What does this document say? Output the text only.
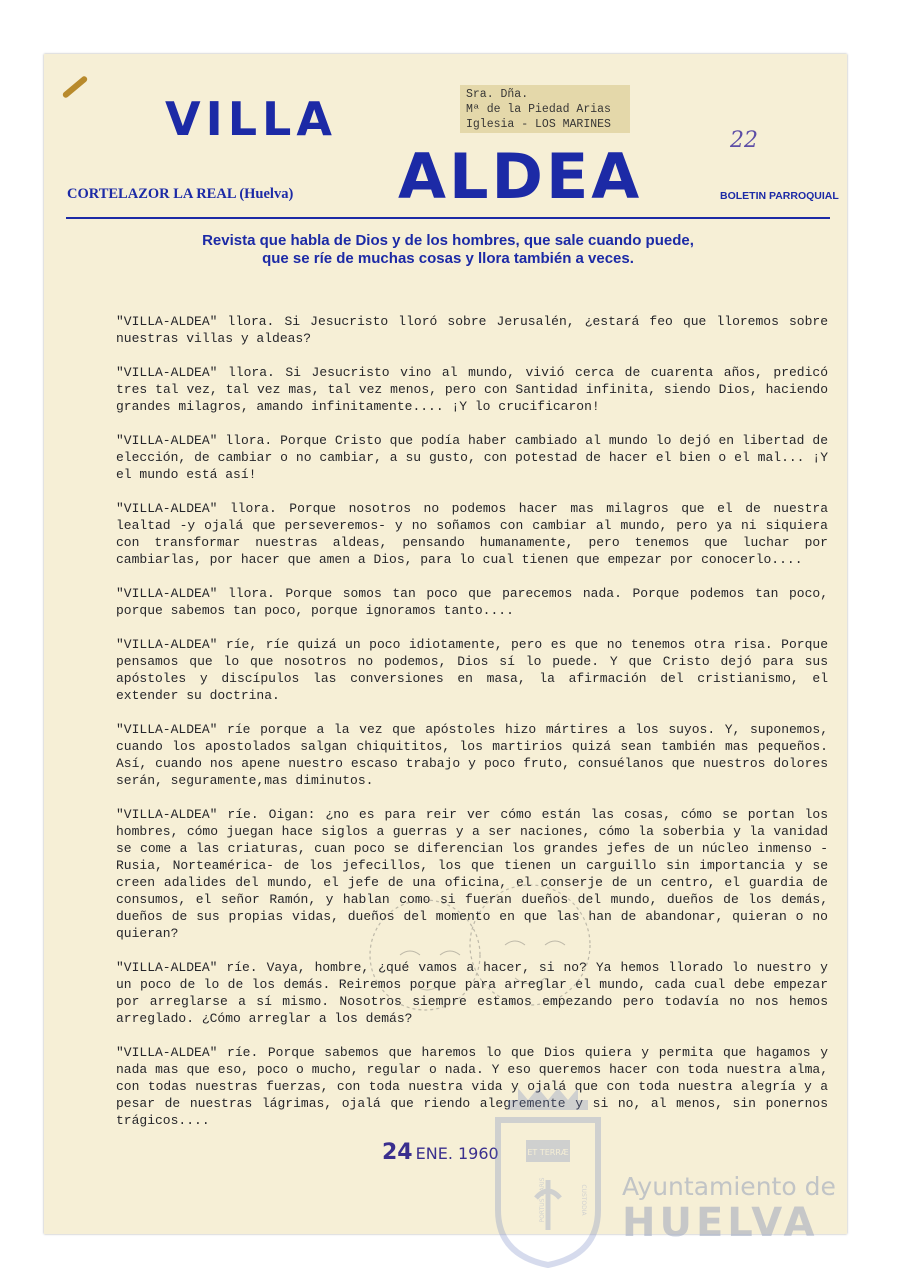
VILLA
ALDEA
Sra. Dña.
Mª de la Piedad Arias
Iglesia - LOS MARINES
22
CORTELAZOR LA REAL (Huelva)	BOLETIN PARROQUIAL
Revista que habla de Dios y de los hombres, que sale cuando puede,
que se ríe de muchas cosas y llora también a veces.

"VILLA-ALDEA" llora. Si Jesucristo lloró sobre Jerusalén, ¿estará feo que lloremos sobre nuestras villas y aldeas?

"VILLA-ALDEA" llora. Si Jesucristo vino al mundo, vivió cerca de cuarenta años, predicó tres tal vez, tal vez mas, tal vez menos, pero con Santidad infinita, siendo Dios, haciendo grandes milagros, amando infinitamente.... ¡Y lo crucificaron!

"VILLA-ALDEA" llora. Porque Cristo que podía haber cambiado al mundo lo dejó en libertad de elección, de cambiar o no cambiar, a su gusto, con potestad de hacer el bien o el mal... ¡Y el mundo está así!

"VILLA-ALDEA" llora. Porque nosotros no podemos hacer mas milagros que el de nuestra lealtad -y ojalá que perseveremos- y no soñamos con cambiar al mundo, pero ya ni siquiera con transformar nuestras aldeas, pensando humanamente, pero tenemos que luchar por cambiarlas, por hacer que amen a Dios, para lo cual tienen que empezar por conocerlo....

"VILLA-ALDEA" llora. Porque somos tan poco que parecemos nada. Porque podemos tan poco, porque sabemos tan poco, porque ignoramos tanto....

"VILLA-ALDEA" ríe, ríe quizá un poco idiotamente, pero es que no tenemos otra risa. Porque pensamos que lo que nosotros no podemos, Dios sí lo puede. Y que Cristo dejó para sus apóstoles y discípulos las conversiones en masa, la afirmación del cristianismo, el extender su doctrina.

"VILLA-ALDEA" ríe porque a la vez que apóstoles hizo mártires a los suyos. Y, suponemos, cuando los apostolados salgan chiquititos, los martirios quizá sean también mas pequeños. Así, cuando nos apene nuestro escaso trabajo y poco fruto, consuélanos que nuestros dolores serán, seguramente,mas diminutos.

"VILLA-ALDEA" ríe. Oigan: ¿no es para reir ver cómo están las cosas, cómo se portan los hombres, cómo juegan hace siglos a guerras y a ser naciones, cómo la soberbia y la vanidad se come a las criaturas, cuan poco se diferencian los grandes jefes de un núcleo inmenso -Rusia, Norteamérica- de los jefecillos, los que tienen un carguillo sin importancia y se creen adalides del mundo, el jefe de una oficina, el conserje de un centro, el guardia de consumos, el señor Ramón, y hablan como si fueran dueños del mundo, dueños de los demás, dueños de sus propias vidas, dueños del momento en que las han de abandonar, quieran o no quieran?

"VILLA-ALDEA" ríe. Vaya, hombre, ¿qué vamos a hacer, si no? Ya hemos llorado lo nuestro y un poco de lo de los demás. Reiremos porque para arreglar el mundo, cada cual debe empezar por arreglarse a sí mismo. Nosotros siempre estamos empezando pero todavía no nos hemos arreglado. ¿Cómo arreglar a los demás?

"VILLA-ALDEA" ríe. Porque sabemos que haremos lo que Dios quiera y permita que hagamos y nada mas que eso, poco o mucho, regular o nada. Y eso queremos hacer con toda nuestra alma, con todas nuestras fuerzas, con toda nuestra vida y ojalá que con toda nuestra alegría y a pesar de nuestras lágrimas, ojalá que riendo alegremente y si no, al menos, sin ponernos trágicos....

24 ENE. 1960	ET TERRÆ
PORTUS MARIS	CUSTODIA Ayuntamiento de
HUELVA
